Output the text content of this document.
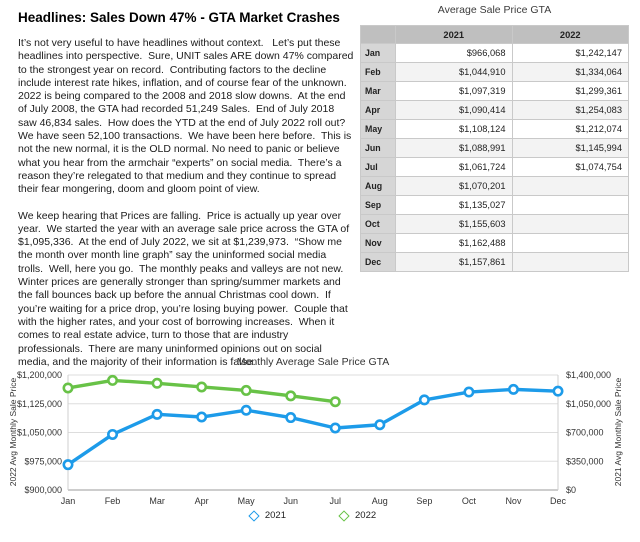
Headlines: Sales Down 47% - GTA Market Crashes

It’s not very useful to have headlines without context.   Let’s put these headlines into perspective.  Sure, UNIT sales ARE down 47% compared to the strongest year on record.  Contributing factors to the decline include interest rate hikes, inflation, and of course fear of the unknown.  2022 is being compared to the 2008 and 2018 slow downs.  At the end of July 2008, the GTA had recorded 51,249 Sales.  End of July 2018 saw 46,834 sales.  How does the YTD at the end of July 2022 roll out? We have seen 52,100 transactions.  We have been here before.  This is not the new normal, it is the OLD normal. No need to panic or believe what you hear from the armchair “experts” on social media.  There’s a reason they’re relegated to that medium and they continue to spread their fear mongering, doom and gloom point of view.

We keep hearing that Prices are falling.  Price is actually up year over year.  We started the year with an average sale price across the GTA of $1,095,336.  At the end of July 2022, we sit at $1,239,973.  “Show me the month over month line graph” say the uninformed social media trolls.  Well, here you go.  The monthly peaks and valleys are not new.  Winter prices are generally stronger than spring/summer markets and the fall bounces back up before the annual Christmas cool down.  If you’re waiting for a price drop, you’re losing buying power.  Couple that with the higher rates, and your cost of borrowing increases.  When it comes to real estate advice, turn to those that are industry professionals.  There are many uninformed opinions out on social media, and the majority of their information is false.

Average Sale Price GTA
	2021	2022
Jan	$966,068	$1,242,147
Feb	$1,044,910	$1,334,064
Mar	$1,097,319	$1,299,361
Apr	$1,090,414	$1,254,083
May	$1,108,124	$1,212,074
Jun	$1,088,991	$1,145,994
Jul	$1,061,724	$1,074,754
Aug	$1,070,201	
Sep	$1,135,027	
Oct	$1,155,603	
Nov	$1,162,488	
Dec	$1,157,861	
Monthly Average Sale Price GTA
2022 Avg Monthly Sale Price	2021 Avg Monthly Sale Price
$900,000	$0
$975,000	$350,000
$1,050,000	$700,000
$1,125,000	$1,050,000
$1,200,000	$1,400,000
Jan	Feb	Mar	Apr	May	Jun	Jul	Aug	Sep	Oct	Nov	Dec
2021	2022
